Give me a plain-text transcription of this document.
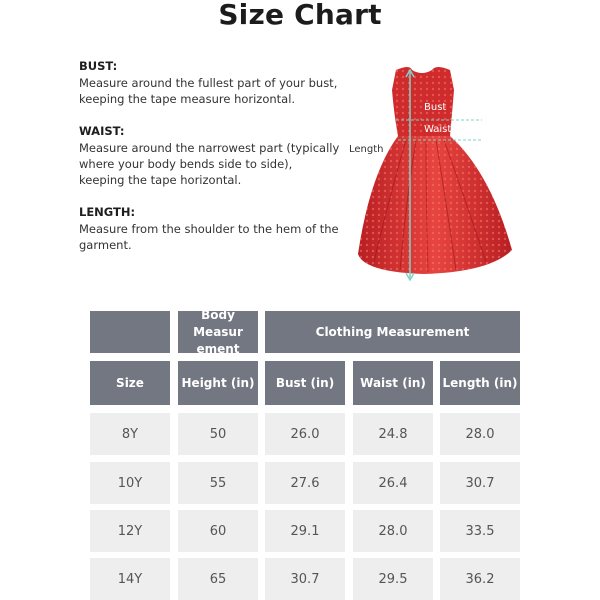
Size Chart
BUST:
Measure around the fullest part of your bust, keeping the tape measure horizontal.
WAIST:
Measure around the narrowest part (typically where your body bends side to side), keeping the tape horizontal.
LENGTH:
Measure from the shoulder to the hem of the garment.
Length
Bust
Waist
Body Measur ement
Clothing Measurement
Size	Height (in)	Bust (in)	Waist (in)	Length (in)
8Y	50	26.0	24.8	28.0
10Y	55	27.6	26.4	30.7
12Y	60	29.1	28.0	33.5
14Y	65	30.7	29.5	36.2
